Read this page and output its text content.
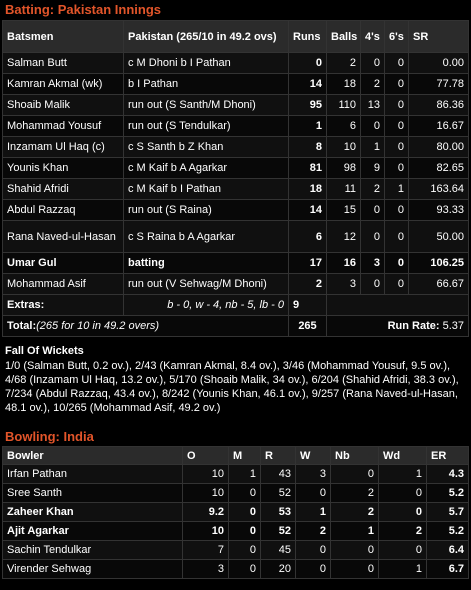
Batting: Pakistan Innings
Batsmen	Pakistan (265/10 in 49.2 ovs)	Runs	Balls	4's	6's	SR
Salman Butt	c M Dhoni b I Pathan	0	2	0	0	0.00
Kamran Akmal (wk)	b I Pathan	14	18	2	0	77.78
Shoaib Malik	run out (S Santh/M Dhoni)	95	110	13	0	86.36
Mohammad Yousuf	run out (S Tendulkar)	1	6	0	0	16.67
Inzamam Ul Haq (c)	c S Santh b Z Khan	8	10	1	0	80.00
Younis Khan	c M Kaif b A Agarkar	81	98	9	0	82.65
Shahid Afridi	c M Kaif b I Pathan	18	11	2	1	163.64
Abdul Razzaq	run out (S Raina)	14	15	0	0	93.33
Rana Naved-ul-Hasan	c S Raina b A Agarkar	6	12	0	0	50.00
Umar Gul	batting	17	16	3	0	106.25
Mohammad Asif	run out (V Sehwag/M Dhoni)	2	3	0	0	66.67
Extras:	b - 0, w - 4, nb - 5, lb - 0	9				
Total:(265 for 10 in 49.2 overs)		265	Run Rate: 5.37			
Fall Of Wickets
1/0 (Salman Butt, 0.2 ov.), 2/43 (Kamran Akmal, 8.4 ov.), 3/46 (Mohammad Yousuf, 9.5 ov.), 4/68 (Inzamam Ul Haq, 13.2 ov.), 5/170 (Shoaib Malik, 34 ov.), 6/204 (Shahid Afridi, 38.3 ov.), 7/234 (Abdul Razzaq, 43.4 ov.), 8/242 (Younis Khan, 46.1 ov.), 9/257 (Rana Naved-ul-Hasan, 48.1 ov.), 10/265 (Mohammad Asif, 49.2 ov.)
Bowling: India
Bowler	O	M	R	W	Nb	Wd	ER
Irfan Pathan	10	1	43	3	0	1	4.3
Sree Santh	10	0	52	0	2	0	5.2
Zaheer Khan	9.2	0	53	1	2	0	5.7
Ajit Agarkar	10	0	52	2	1	2	5.2
Sachin Tendulkar	7	0	45	0	0	0	6.4
Virender Sehwag	3	0	20	0	0	1	6.7
